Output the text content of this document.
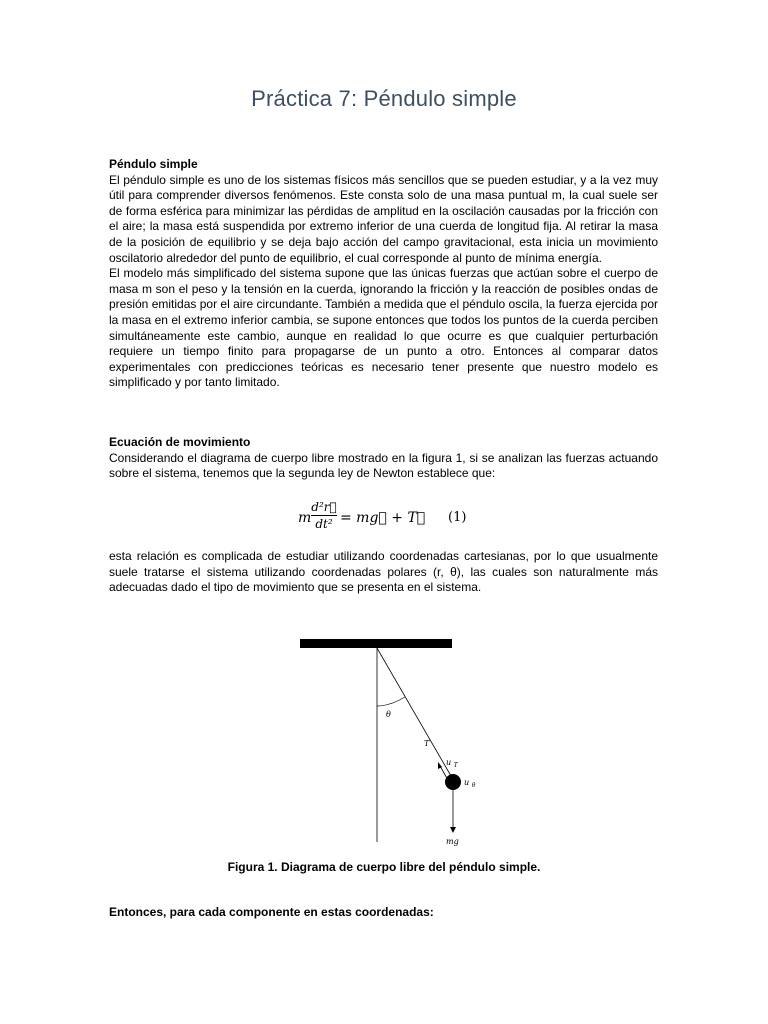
Práctica 7: Péndulo simple
Péndulo simple

El péndulo simple es uno de los sistemas físicos más sencillos que se pueden estudiar, y a la vez muy útil para comprender diversos fenómenos. Este consta solo de una masa puntual m, la cual suele ser de forma esférica para minimizar las pérdidas de amplitud en la oscilación causadas por la fricción con el aire; la masa está suspendida por extremo inferior de una cuerda de longitud fija. Al retirar la masa de la posición de equilibrio y se deja bajo acción del campo gravitacional, esta inicia un movimiento oscilatorio alrededor del punto de equilibrio, el cual corresponde al punto de mínima energía.

El modelo más simplificado del sistema supone que las únicas fuerzas que actúan sobre el cuerpo de masa m son el peso y la tensión en la cuerda, ignorando la fricción y la reacción de posibles ondas de presión emitidas por el aire circundante. También a medida que el péndulo oscila, la fuerza ejercida por la masa en el extremo inferior cambia, se supone entonces que todos los puntos de la cuerda perciben simultáneamente este cambio, aunque en realidad lo que ocurre es que cualquier perturbación requiere un tiempo finito para propagarse de un punto a otro. Entonces al comparar datos experimentales con predicciones teóricas es necesario tener presente que nuestro modelo es simplificado y por tanto limitado.

Ecuación de movimiento

Considerando el diagrama de cuerpo libre mostrado en la figura 1, si se analizan las fuerzas actuando sobre el sistema, tenemos que la segunda ley de Newton establece que:

m
d²r⃗
dt² = mg⃗ + T⃗ (1)

esta relación es complicada de estudiar utilizando coordenadas cartesianas, por lo que usualmente suele tratarse el sistema utilizando coordenadas polares (r, θ), las cuales son naturalmente más adecuadas dado el tipo de movimiento que se presenta en el sistema.

θ
T
u $_T$
u $_\theta$
mg
Figura 1. Diagrama de cuerpo libre del péndulo simple.
Entonces, para cada componente en estas coordenadas:
